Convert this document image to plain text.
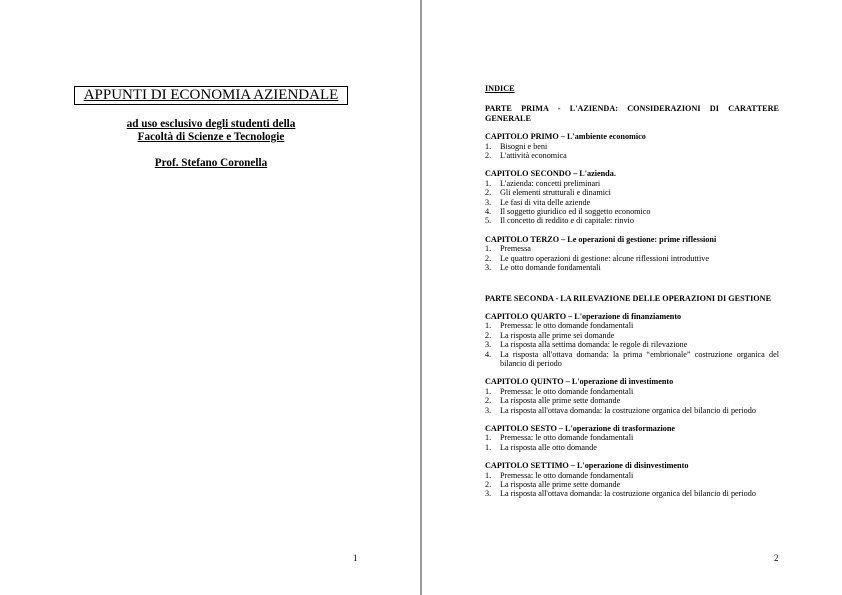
APPUNTI DI ECONOMIA AZIENDALE
ad uso esclusivo degli studenti della
Facoltà di Scienze e Tecnologie
Prof. Stefano Coronella
1
INDICE
PARTE PRIMA - L'AZIENDA: CONSIDERAZIONI DI CARATTERE GENERALE
CAPITOLO PRIMO – L'ambiente economico
1.	Bisogni e beni
2.	L'attività economica
CAPITOLO SECONDO – L'azienda.
1.	L'azienda: concetti preliminari
2.	Gli elementi strutturali e dinamici
3.	Le fasi di vita delle aziende
4.	Il soggetto giuridico ed il soggetto economico
5.	Il concetto di reddito e di capitale: rinvio
CAPITOLO TERZO – Le operazioni di gestione: prime riflessioni
1.	Premessa
2.	Le quattro operazioni di gestione: alcune riflessioni introduttive
3.	Le otto domande fondamentali
PARTE SECONDA - LA RILEVAZIONE DELLE OPERAZIONI DI GESTIONE
CAPITOLO QUARTO – L'operazione di finanziamento
1.	Premessa: le otto domande fondamentali
2.	La risposta alle prime sei domande
3.	La risposta alla settima domanda: le regole di rilevazione
4.	La risposta all'ottava domanda: la prima “embrionale” costruzione organica del bilancio di periodo
CAPITOLO QUINTO – L'operazione di investimento
1.	Premessa: le otto domande fondamentali
2.	La risposta alle prime sette domande
3.	La risposta all'ottava domanda: la costruzione organica del bilancio di periodo
CAPITOLO SESTO – L'operazione di trasformazione
1.	Premessa: le otto domande fondamentali
1.	La risposta alle otto domande
CAPITOLO SETTIMO – L'operazione di disinvestimento
1.	Premessa: le otto domande fondamentali
2.	La risposta alle prime sette domande
3.	La risposta all'ottava domanda: la costruzione organica del bilancio di periodo
2
